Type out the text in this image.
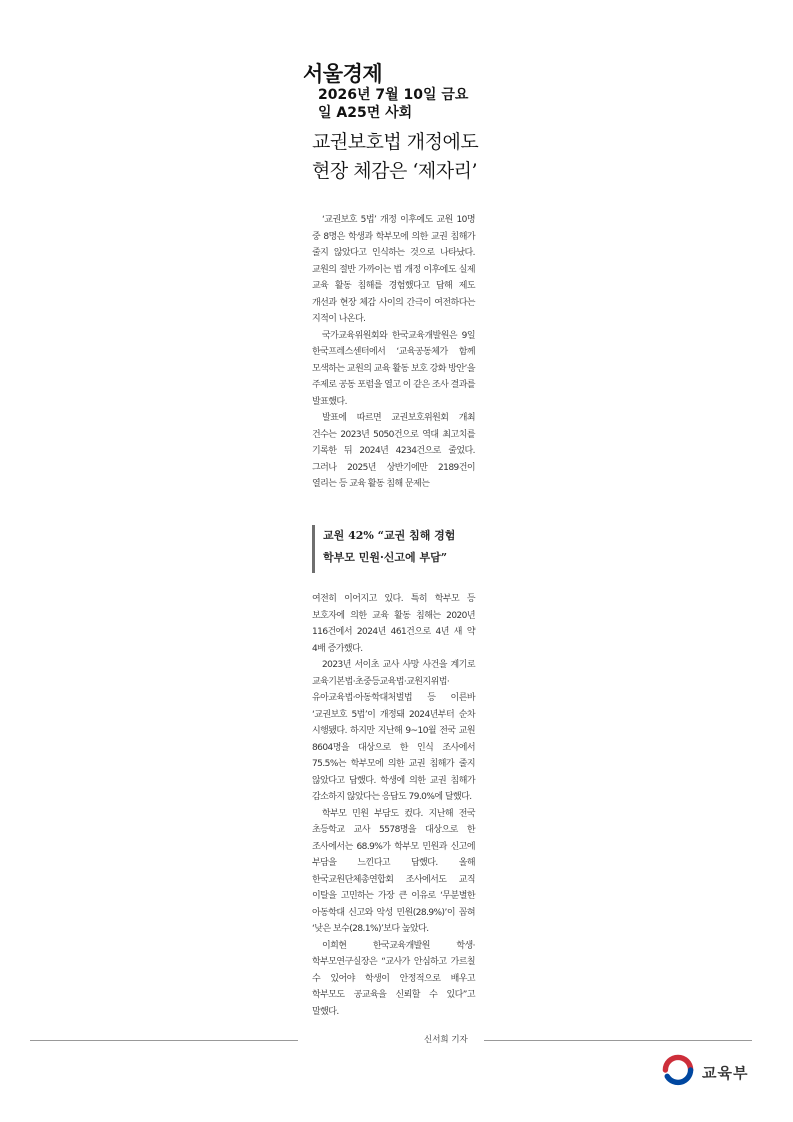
서울경제
2026년 7월 10일 금요
일 A25면 사회
교권보호법 개정에도
현장 체감은 ‘제자리’

‘교권보호 5법’ 개정 이후에도 교원 10명 중 8명은 학생과 학부모에 의한 교권 침해가 줄지 않았다고 인식하는 것으로 나타났다. 교원의 절반 가까이는 법 개정 이후에도 실제 교육 활동 침해를 경험했다고 답해 제도 개선과 현장 체감 사이의 간극이 여전하다는 지적이 나온다.

국가교육위원회와 한국교육개발원은 9일 한국프레스센터에서 ‘교육공동체가 함께 모색하는 교원의 교육 활동 보호 강화 방안’을 주제로 공동 포럼을 열고 이 같은 조사 결과를 발표했다.

발표에 따르면 교권보호위원회 개최 건수는 2023년 5050건으로 역대 최고치를 기록한 뒤 2024년 4234건으로 줄었다. 그러나 2025년 상반기에만 2189건이 열리는 등 교육 활동 침해 문제는

교원 42% “교권 침해 경험
학부모 민원·신고에 부담”

여전히 이어지고 있다. 특히 학부모 등 보호자에 의한 교육 활동 침해는 2020년 116건에서 2024년 461건으로 4년 새 약 4배 증가했다.

2023년 서이초 교사 사망 사건을 계기로 교육기본법·초중등교육법·교원지위법·유아교육법·아동학대처벌법 등 이른바 ‘교권보호 5법’이 개정돼 2024년부터 순차 시행됐다. 하지만 지난해 9~10월 전국 교원 8604명을 대상으로 한 인식 조사에서 75.5%는 학부모에 의한 교권 침해가 줄지 않았다고 답했다. 학생에 의한 교권 침해가 감소하지 않았다는 응답도 79.0%에 달했다.

학부모 민원 부담도 컸다. 지난해 전국 초등학교 교사 5578명을 대상으로 한 조사에서는 68.9%가 학부모 민원과 신고에 부담을 느낀다고 답했다. 올해 한국교원단체총연합회 조사에서도 교직 이탈을 고민하는 가장 큰 이유로 ‘무분별한 아동학대 신고와 악성 민원(28.9%)’이 꼽혀 ‘낮은 보수(28.1%)’보다 높았다.

이희현 한국교육개발원 학생·학부모연구실장은 “교사가 안심하고 가르칠 수 있어야 학생이 안정적으로 배우고 학부모도 공교육을 신뢰할 수 있다”고 말했다.

신서희 기자
교육부
